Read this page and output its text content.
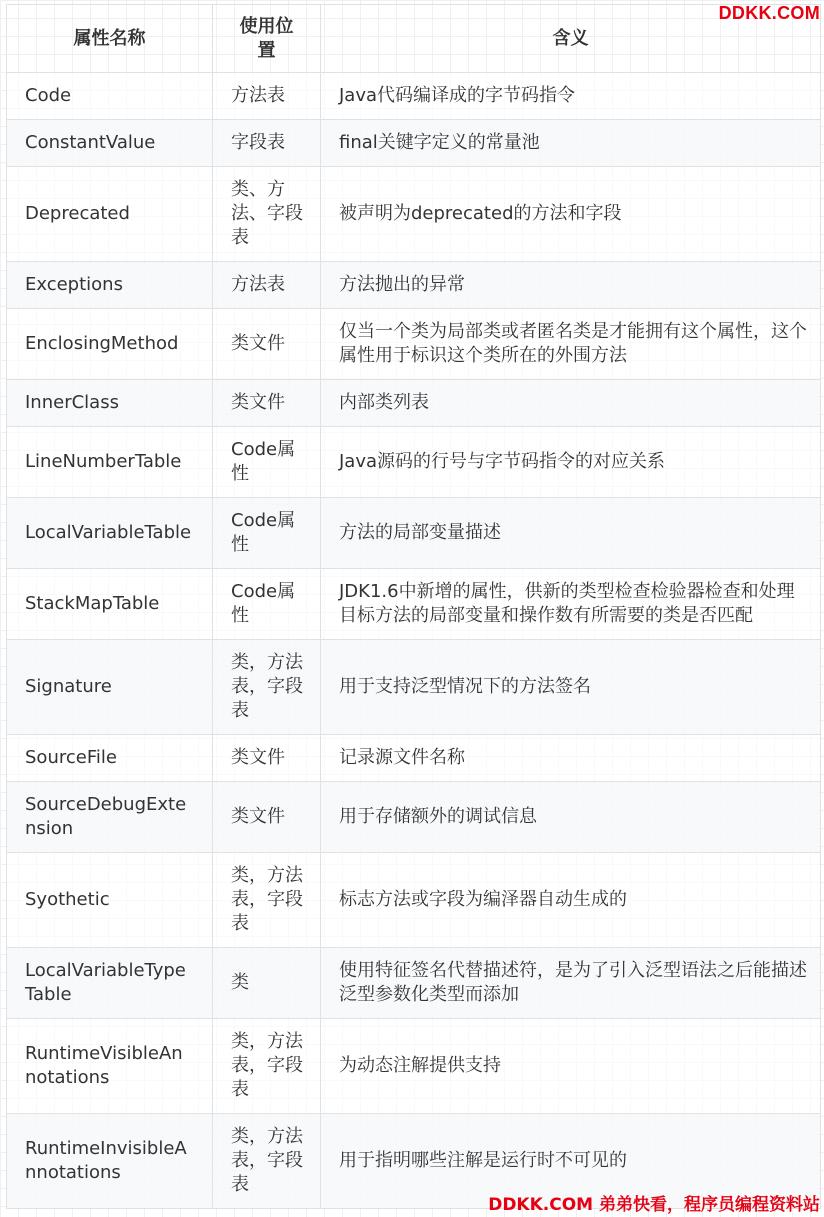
属性名称	使用位置	含义
Code	方法表	Java代码编译成的字节码指令
ConstantValue	字段表	final关键字定义的常量池
Deprecated	类、方法、字段表	被声明为deprecated的方法和字段
Exceptions	方法表	方法抛出的异常
EnclosingMethod	类文件	仅当一个类为局部类或者匿名类是才能拥有这个属性，这个属性用于标识这个类所在的外围方法
InnerClass	类文件	内部类列表
LineNumberTable	Code属性	Java源码的行号与字节码指令的对应关系
LocalVariableTable	Code属性	方法的局部变量描述
StackMapTable	Code属性	JDK1.6中新增的属性，供新的类型检查检验器检查和处理目标方法的局部变量和操作数有所需要的类是否匹配
Signature	类，方法表，字段表	用于支持泛型情况下的方法签名
SourceFile	类文件	记录源文件名称
SourceDebugExtension	类文件	用于存储额外的调试信息
Syothetic	类，方法表，字段表	标志方法或字段为编泽器自动生成的
LocalVariableTypeTable	类	使用特征签名代替描述符，是为了引入泛型语法之后能描述泛型参数化类型而添加
RuntimeVisibleAnnotations	类，方法表，字段表	为动态注解提供支持
RuntimeInvisibleAnnotations	类，方法表，字段表	用于指明哪些注解是运行时不可见的
DDKK.COM
DDKK.COM 弟弟快看，程序员编程资料站
